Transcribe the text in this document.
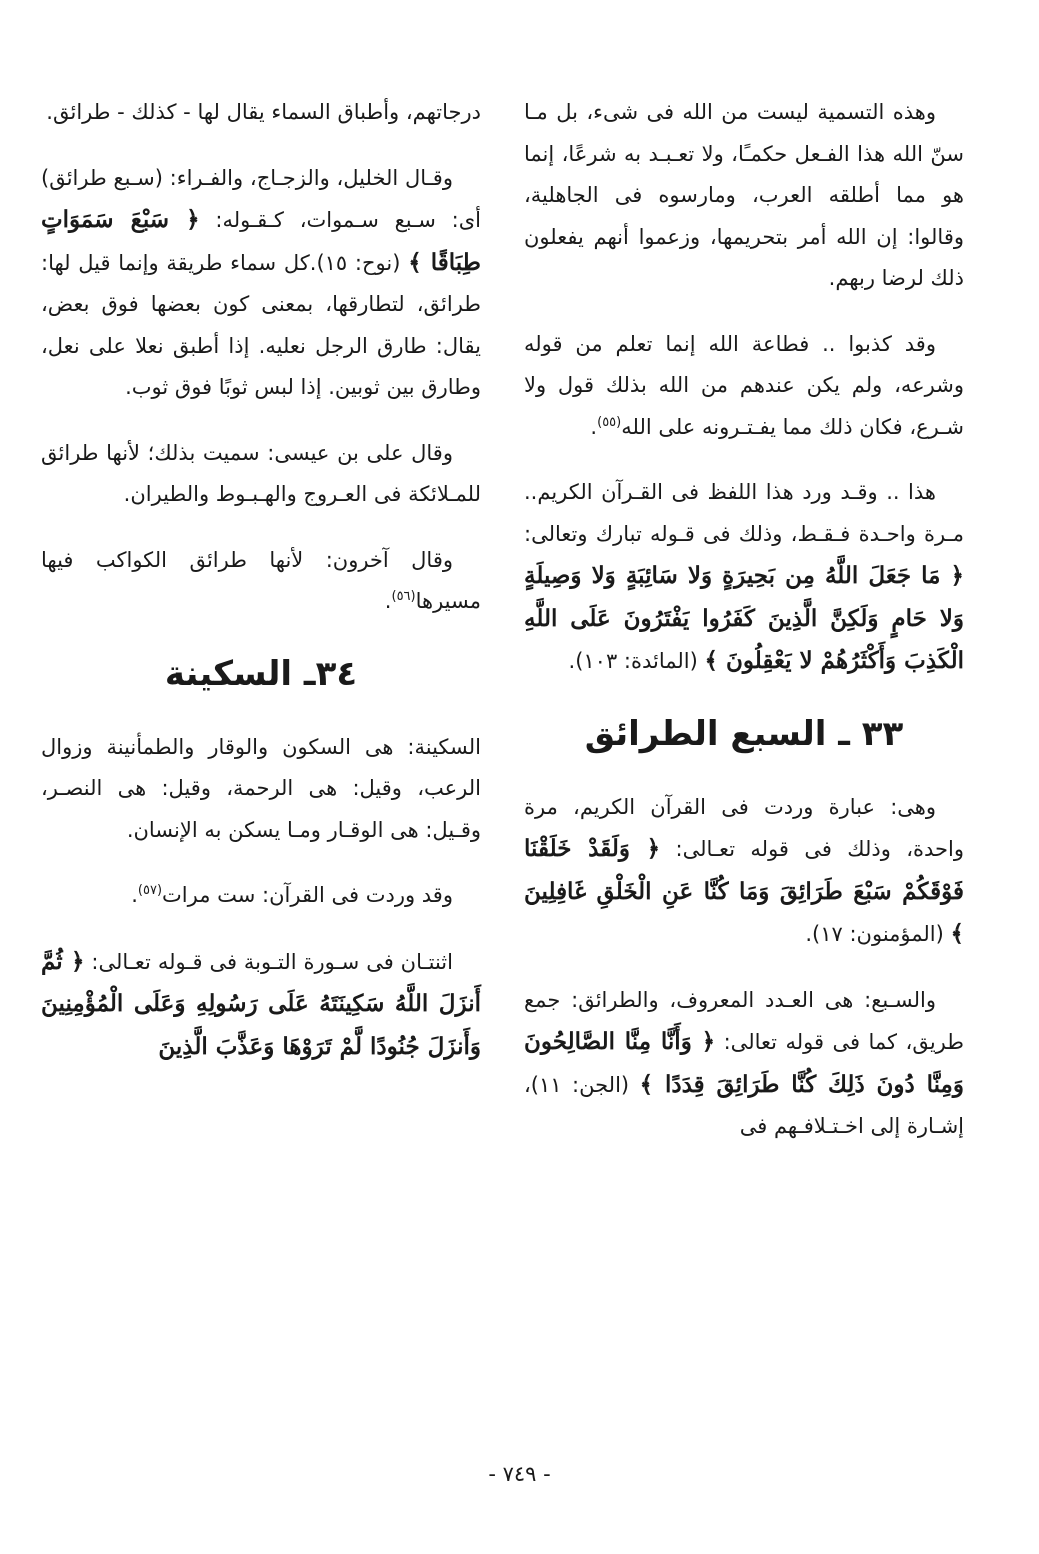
وهذه التسمية ليست من الله فى شىء، بل مـا سنّ الله هذا الفـعل حكمـًا، ولا تعـبـد به شرعًا، إنما هو مما أطلقه العرب، ومارسوه فى الجاهلية، وقالوا: إن الله أمر بتحريمها، وزعموا أنهم يفعلون ذلك لرضا ربهم.

وقد كذبوا .. فطاعة الله إنما تعلم من قوله وشرعه، ولم يكن عندهم من الله بذلك قول ولا شـرع، فكان ذلك مما يفـتـرونه على الله$^{(٥٥)}$.

هذا .. وقـد ورد هذا اللفظ فى القـرآن الكريم.. مـرة واحـدة فـقـط، وذلك فى قـوله تبارك وتعالى: ﴿ مَا جَعَلَ اللَّهُ مِن بَحِيرَةٍ وَلا سَائِبَةٍ وَلا وَصِيلَةٍ وَلا حَامٍ وَلَكِنَّ الَّذِينَ كَفَرُوا يَفْتَرُونَ عَلَى اللَّهِ الْكَذِبَ وَأَكْثَرُهُمْ لا يَعْقِلُونَ ﴾ (المائدة: ١٠٣).

٣٣ ـ السبع الطرائق

وهى: عبارة وردت فى القرآن الكريم، مرة واحدة، وذلك فى قوله تعـالى: ﴿ وَلَقَدْ خَلَقْنَا فَوْقَكُمْ سَبْعَ طَرَائِقَ وَمَا كُنَّا عَنِ الْخَلْقِ غَافِلِينَ ﴾ (المؤمنون: ١٧).

والسـبع: هى العـدد المعروف، والطرائق: جمع طريق، كما فى قوله تعالى: ﴿ وَأَنَّا مِنَّا الصَّالِحُونَ وَمِنَّا دُونَ ذَلِكَ كُنَّا طَرَائِقَ قِدَدًا ﴾ (الجن: ١١)، إشـارة إلى اخـتـلافـهم فى

درجاتهم، وأطباق السماء يقال لها - كذلك - طرائق.

وقـال الخليل، والزجـاج، والفـراء: (سـبع طرائق) أى: سـبع سـموات، كـقـوله: ﴿ سَبْعَ سَمَوَاتٍ طِبَاقًا ﴾ (نوح: ١٥).كل سماء طريقة وإنما قيل لها: طرائق، لتطارقها، بمعنى كون بعضها فوق بعض، يقال: طارق الرجل نعليه. إذا أطبق نعلا على نعل، وطارق بين ثوبين. إذا لبس ثوبًا فوق ثوب.

وقال على بن عيسى: سميت بذلك؛ لأنها طرائق للمـلائكة فى العـروج والهـبـوط والطيران.

وقال آخرون: لأنها طرائق الكواكب فيها مسيرها$^{(٥٦)}$.

٣٤ـ السكينة

السكينة: هى السكون والوقار والطمأنينة وزوال الرعب، وقيل: هى الرحمة، وقيل: هى النصـر، وقـيل: هى الوقـار ومـا يسكن به الإنسان.

وقد وردت فى القرآن: ست مرات$^{(٥٧)}$.

اثنتـان فى سـورة التـوبة فى قـوله تعـالى: ﴿ ثُمَّ أَنزَلَ اللَّهُ سَكِينَتَهُ عَلَى رَسُولِهِ وَعَلَى الْمُؤْمِنِينَ وَأَنزَلَ جُنُودًا لَّمْ تَرَوْهَا وَعَذَّبَ الَّذِينَ

- ٧٤٩ -
